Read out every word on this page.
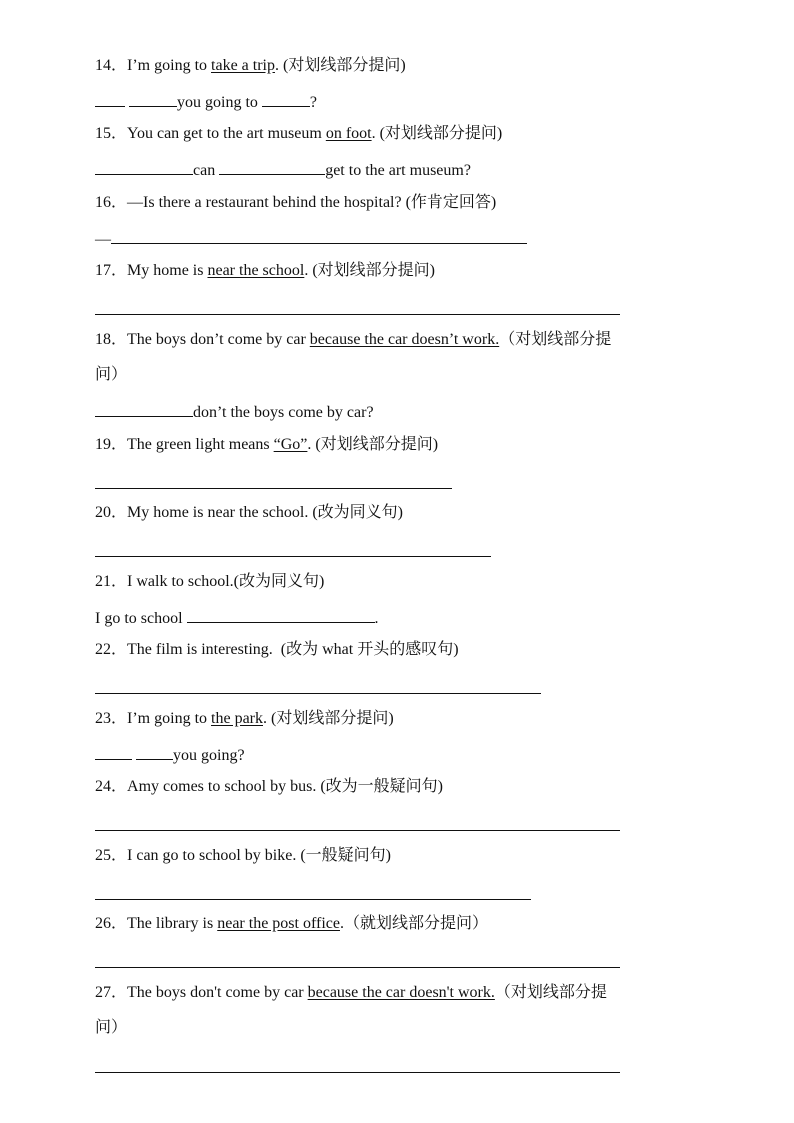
14．I’m going to take a trip. (对划线部分提问)
you going to	?
15．You can get to the art museum on foot. (对划线部分提问)
can	get to the art museum?
16．—Is there a restaurant behind the hospital? (作肯定回答)
—
17．My home is near the school. (对划线部分提问)
18．The boys don’t come by car because the car doesn’t work.（对划线部分提
问）
don’t the boys come by car?
19．The green light means “Go”. (对划线部分提问)
20．My home is near the school. (改为同义句)
21．I walk to school.(改为同义句)
I go to school	.
22．The film is interesting.  (改为 what 开头的感叹句)
23．I’m going to the park. (对划线部分提问)
you going?
24．Amy comes to school by bus. (改为一般疑问句)
25．I can go to school by bike. (一般疑问句)
26．The library is near the post office.（就划线部分提问）
27．The boys don't come by car because the car doesn't work.（对划线部分提
问）
